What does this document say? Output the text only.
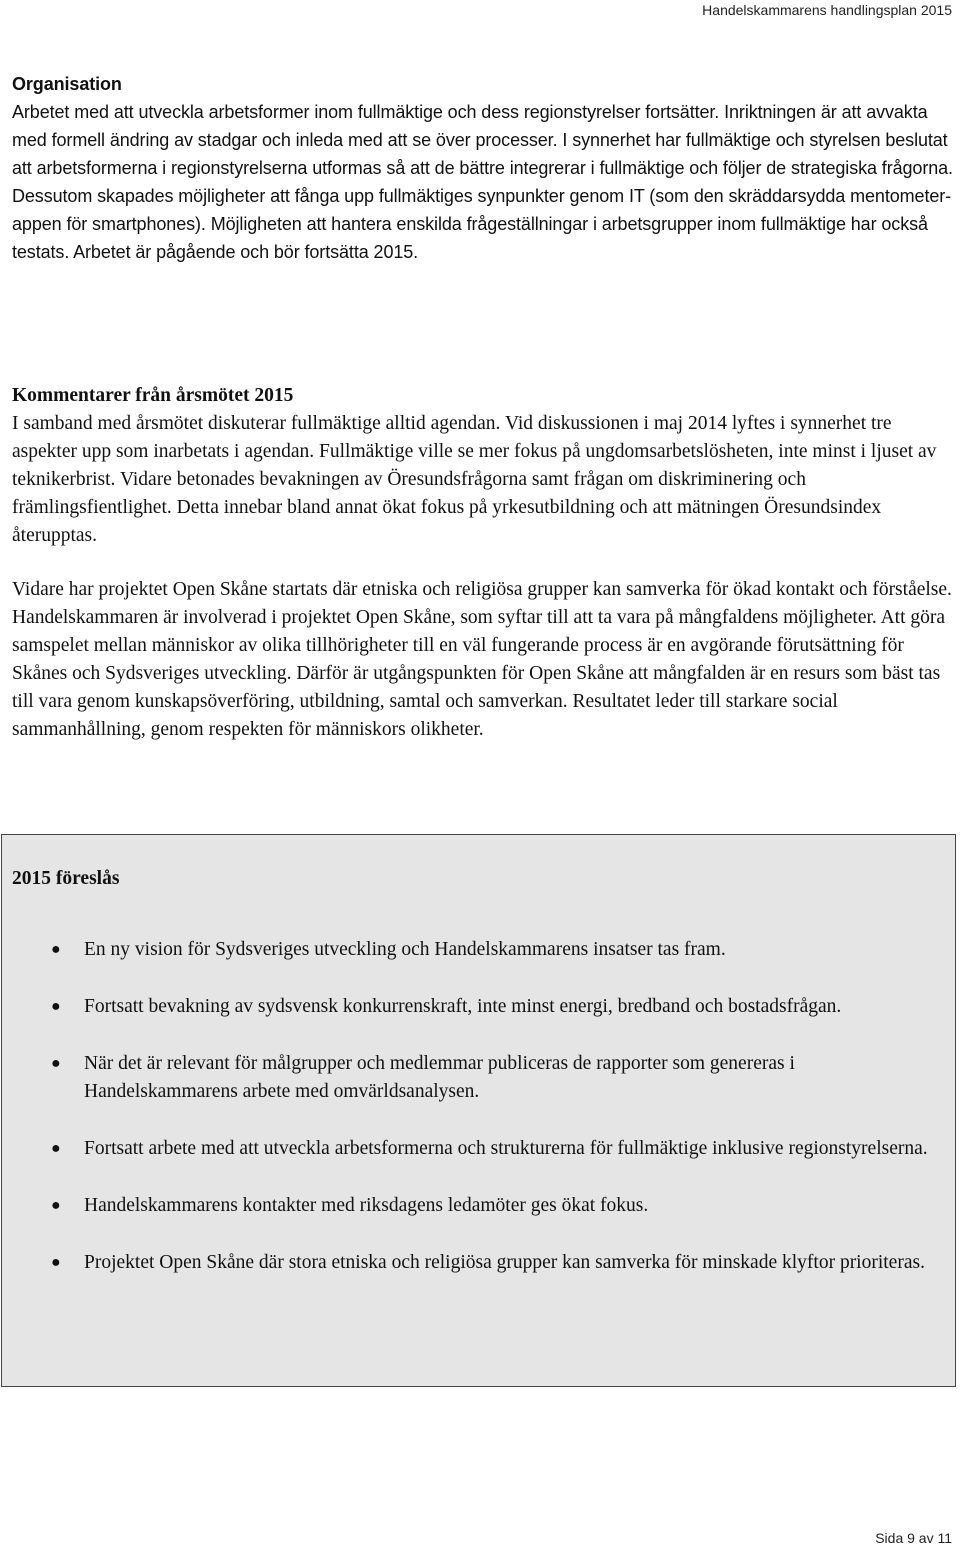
Handelskammarens handlingsplan 2015
Organisation

Arbetet med att utveckla arbetsformer inom fullmäktige och dess regionstyrelser fortsätter. Inriktningen är att avvakta med formell ändring av stadgar och inleda med att se över processer. I synnerhet har fullmäktige och styrelsen beslutat att arbetsformerna i regionstyrelserna utformas så att de bättre integrerar i fullmäktige och följer de strategiska frågorna. Dessutom skapades möjligheter att fånga upp fullmäktiges synpunkter genom IT (som den skräddarsydda mentometer-appen för smartphones). Möjligheten att hantera enskilda frågeställningar i arbetsgrupper inom fullmäktige har också testats. Arbetet är pågående och bör fortsätta 2015.

Kommentarer från årsmötet 2015

I samband med årsmötet diskuterar fullmäktige alltid agendan. Vid diskussionen i maj 2014 lyftes i synnerhet tre aspekter upp som inarbetats i agendan. Fullmäktige ville se mer fokus på ungdomsarbetslösheten, inte minst i ljuset av teknikerbrist. Vidare betonades bevakningen av Öresundsfrågorna samt frågan om diskriminering och främlingsfientlighet. Detta innebar bland annat ökat fokus på yrkesutbildning och att mätningen Öresundsindex återupptas.

Vidare har projektet Open Skåne startats där etniska och religiösa grupper kan samverka för ökad kontakt och förståelse. Handelskammaren är involverad i projektet Open Skåne, som syftar till att ta vara på mångfaldens möjligheter. Att göra samspelet mellan människor av olika tillhörigheter till en väl fungerande process är en avgörande förutsättning för Skånes och Sydsveriges utveckling. Därför är utgångspunkten för Open Skåne att mångfalden är en resurs som bäst tas till vara genom kunskapsöverföring, utbildning, samtal och samverkan. Resultatet leder till starkare social sammanhållning, genom respekten för människors olikheter.

2015 föreslås
● En ny vision för Sydsveriges utveckling och Handelskammarens insatser tas fram.
● Fortsatt bevakning av sydsvensk konkurrenskraft, inte minst energi, bredband och bostadsfrågan.
● När det är relevant för målgrupper och medlemmar publiceras de rapporter som genereras i Handelskammarens arbete med omvärldsanalysen.
● Fortsatt arbete med att utveckla arbetsformerna och strukturerna för fullmäktige inklusive regionstyrelserna.
● Handelskammarens kontakter med riksdagens ledamöter ges ökat fokus.
● Projektet Open Skåne där stora etniska och religiösa grupper kan samverka för minskade klyftor prioriteras.
Sida 9 av 11
